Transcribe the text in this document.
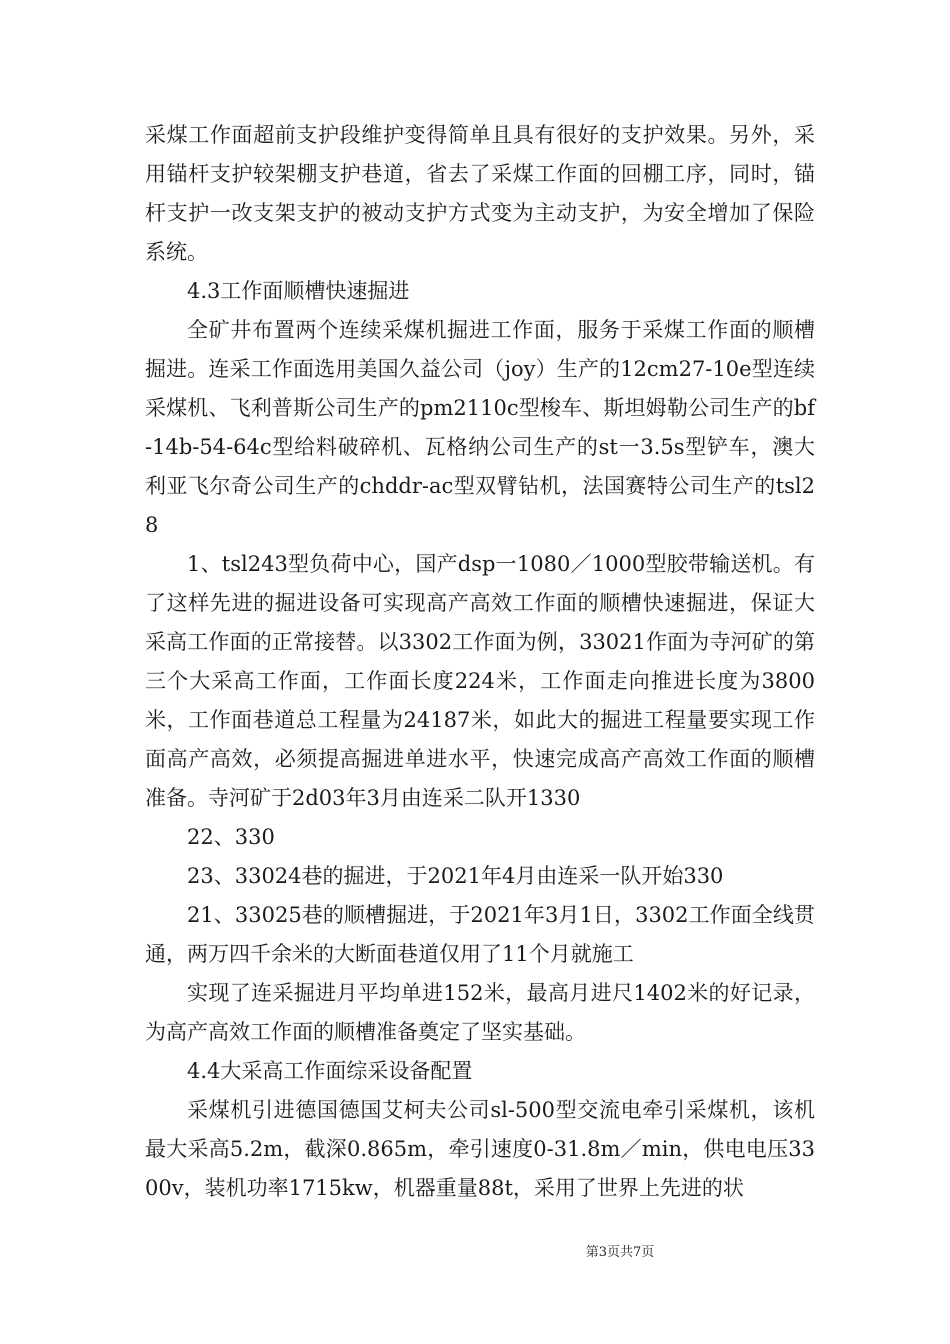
采煤工作面超前支护段维护变得简单且具有很好的支护效果。另外，采用锚杆支护较架棚支护巷道，省去了采煤工作面的回棚工序，同时，锚杆支护一改支架支护的被动支护方式变为主动支护，为安全增加了保险系统。

4.3工作面顺槽快速掘进

全矿井布置两个连续采煤机掘进工作面，服务于采煤工作面的顺槽掘进。连采工作面选用美国久益公司（joy）生产的12cm27-10e型连续采煤机、飞利普斯公司生产的pm2110c型梭车、斯坦姆勒公司生产的bf-14b-54-64c型给料破碎机、瓦格纳公司生产的st一3.5s型铲车，澳大利亚飞尔奇公司生产的chddr-ac型双臂钻机，法国赛特公司生产的tsl28

1、tsl243型负荷中心，国产dsp一1080／1000型胶带输送机。有了这样先进的掘进设备可实现高产高效工作面的顺槽快速掘进，保证大采高工作面的正常接替。以3302工作面为例，33021作面为寺河矿的第三个大采高工作面，工作面长度224米，工作面走向推进长度为3800米，工作面巷道总工程量为24187米，如此大的掘进工程量要实现工作面高产高效，必须提高掘进单进水平，快速完成高产高效工作面的顺槽准备。寺河矿于2d03年3月由连采二队开1330

22、330

23、33024巷的掘进，于2021年4月由连采一队开始330

21、33025巷的顺槽掘进，于2021年3月1日，3302工作面全线贯通，两万四千余米的大断面巷道仅用了11个月就施工

实现了连采掘进月平均单进152米，最高月进尺1402米的好记录，为高产高效工作面的顺槽准备奠定了坚实基础。

4.4大采高工作面综采设备配置

采煤机引进德国德国艾柯夫公司sl-500型交流电牵引采煤机，该机最大采高5.2m，截深0.865m，牵引速度0-31.8m／min，供电电压3300v，装机功率1715kw，机器重量88t，采用了世界上先进的状

第3页共7页
